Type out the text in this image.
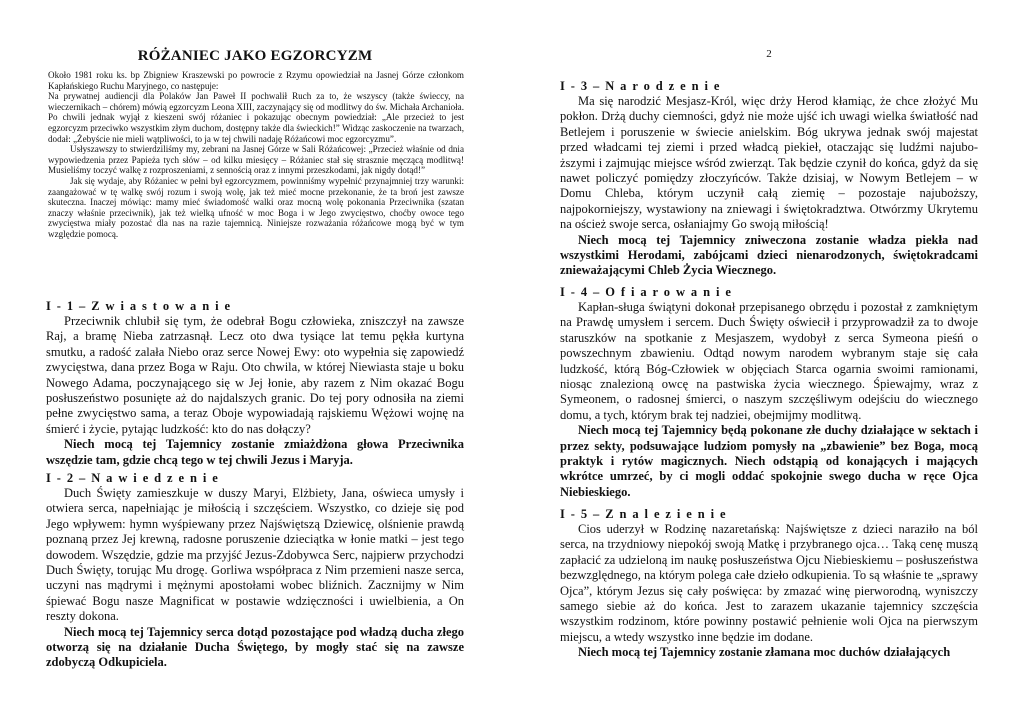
RÓŻANIEC JAKO EGZORCYZM	2

Około 1981 roku ks. bp Zbigniew Kraszewski po powrocie z Rzymu opowiedział na Jasnej Górze członkom Kapłańskiego Ruchu Maryjnego, co następuje:

Na prywatnej audiencji dla Polaków Jan Paweł II pochwalił Ruch za to, że wszyscy (także świeccy, na wieczernikach – chórem) mówią egzorcyzm Leona XIII, zaczynający się od modlitwy do św. Michała Archanioła. Po chwili jednak wyjął z kieszeni swój różaniec i pokazując obecnym powiedział: „Ale przecież to jest egzorcyzm przeciwko wszystkim złym duchom, dostępny także dla świeckich!” Widząc zaskoczenie na twarzach, dodał: „Żebyście nie mieli wątpliwości, to ja w tej chwili nadaję Różańcowi moc egzorcyzmu”.

Usłyszawszy to stwierdziliśmy my, zebrani na Jasnej Górze w Sali Różańcowej: „Przecież właśnie od dnia wypowiedzenia przez Papieża tych słów – od kilku miesięcy – Różaniec stał się strasznie męczącą modlitwą! Musieliśmy toczyć walkę z rozproszeniami, z sennością oraz z innymi przeszkodami, jak nigdy dotąd!”

Jak się wydaje, aby Różaniec w pełni był egzorcyzmem, powinniśmy wypełnić przynajmniej trzy warunki: zaangażować w tę walkę swój rozum i swoją wolę, jak też mieć mocne przekonanie, że ta broń jest zawsze skuteczna. Inaczej mówiąc: mamy mieć świadomość walki oraz mocną wolę pokonania Przeciwnika (szatan znaczy właśnie przeciwnik), jak też wielką ufność w moc Boga i w Jego zwycięstwo, choćby owoce tego zwycięstwa miały pozostać dla nas na razie tajemnicą. Niniejsze rozważania różańcowe mogą być w tym względzie pomocą.

I - 1 – Z w i a s t o w a n i e

Przeciwnik chlubił się tym, że odebrał Bogu człowieka, zniszczył na zawsze Raj, a bramę Nieba zatrzasnął. Lecz oto dwa tysiące lat temu pękła kurtyna smutku, a radość zalała Niebo oraz serce Nowej Ewy: oto wypełnia się zapowiedź zwycięstwa, dana przez Boga w Raju. Oto chwila, w której Niewiasta staje u boku Nowego Adama, poczynającego się w Jej łonie, aby razem z Nim okazać Bogu posłuszeństwo posunięte aż do najdalszych granic. Do tej pory odnosiła na ziemi pełne zwycięstwo sama, a teraz Oboje wypowiadają rajskiemu Wężowi wojnę na śmierć i życie, pytając ludzkość: kto do nas dołączy?

Niech mocą tej Tajemnicy zostanie zmiażdżona głowa Przeciwnika wszędzie tam, gdzie chcą tego w tej chwili Jezus i Maryja.

I - 2 – N a w i e d z e n i e

Duch Święty zamieszkuje w duszy Maryi, Elżbiety, Jana, oświeca umysły i otwiera serca, napełniając je miłością i szczęściem. Wszystko, co dzieje się pod Jego wpływem: hymn wyśpiewany przez Najświętszą Dziewicę, olśnienie prawdą poznaną przez Jej krewną, radosne poruszenie dzieciątka w łonie matki – jest tego dowodem. Wszędzie, gdzie ma przyjść Jezus-Zdobywca Serc, najpierw przychodzi Duch Święty, torując Mu drogę. Gorliwa współpraca z Nim przemieni nasze serca, uczyni nas mądrymi i mężnymi apostołami wobec bliźnich. Zacznijmy w Nim śpiewać Bogu nasze Magnificat w postawie wdzięczności i uwielbienia, a On reszty dokona.

Niech mocą tej Tajemnicy serca dotąd pozostające pod władzą ducha złego otworzą się na działanie Ducha Świętego, by mogły stać się na zawsze zdobyczą Odkupiciela.

I - 3 – N a r o d z e n i e

Ma się narodzić Mesjasz-Król, więc drży Herod kłamiąc, że chce złożyć Mu pokłon. Drżą duchy ciemności, gdyż nie może ujść ich uwagi wielka światłość nad Betlejem i poruszenie w świecie anielskim. Bóg ukrywa jednak swój majestat przed władcami tej ziemi i przed władcą piekieł, otaczając się ludźmi najuboższymi i zajmując miejsce wśród zwierząt. Tak będzie czynił do końca, gdyż da się nawet policzyć pomiędzy złoczyńców. Także dzisiaj, w Nowym Betlejem – w Domu Chleba, którym uczynił całą ziemię – pozostaje najuboższy, najpokorniejszy, wystawiony na zniewagi i świętokradztwa. Otwórzmy Ukrytemu na oścież swoje serca, osłaniajmy Go swoją miłością!

Niech mocą tej Tajemnicy zniweczona zostanie władza piekła nad wszystkimi Herodami, zabójcami dzieci nienarodzonych, świętokradcami znieważającymi Chleb Życia Wiecznego.

I - 4 – O f i a r o w a n i e

Kapłan-sługa świątyni dokonał przepisanego obrzędu i pozostał z zamkniętym na Prawdę umysłem i sercem. Duch Święty oświecił i przyprowadził za to dwoje staruszków na spotkanie z Mesjaszem, wydobył z serca Symeona pieśń o powszechnym zbawieniu. Odtąd nowym narodem wybranym staje się cała ludzkość, którą Bóg-Człowiek w objęciach Starca ogarnia swoimi ramionami, niosąc znalezioną owcę na pastwiska życia wiecznego. Śpiewajmy, wraz z Symeonem, o radosnej śmierci, o naszym szczęśliwym odejściu do wiecznego domu, a tych, którym brak tej nadziei, obejmijmy modlitwą.

Niech mocą tej Tajemnicy będą pokonane złe duchy działające w sektach i przez sekty, podsuwające ludziom pomysły na „zbawienie” bez Boga, mocą praktyk i rytów magicznych. Niech odstąpią od konających i mających wkrótce umrzeć, by ci mogli oddać spokojnie swego ducha w ręce Ojca Niebieskiego.

I - 5 – Z n a l e z i e n i e

Cios uderzył w Rodzinę nazaretańską: Najświętsze z dzieci naraziło na ból serca, na trzydniowy niepokój swoją Matkę i przybranego ojca… Taką cenę muszą zapłacić za udzieloną im naukę posłuszeństwa Ojcu Niebieskiemu – posłuszeństwa bezwzględnego, na którym polega całe dzieło odkupienia. To są właśnie te „sprawy Ojca”, którym Jezus się cały poświęca: by zmazać winę pierworodną, wyniszczy samego siebie aż do końca. Jest to zarazem ukazanie tajemnicy szczęścia wszystkim rodzinom, które powinny postawić pełnienie woli Ojca na pierwszym miejscu, a wtedy wszystko inne będzie im dodane.

Niech mocą tej Tajemnicy zostanie złamana moc duchów działających
